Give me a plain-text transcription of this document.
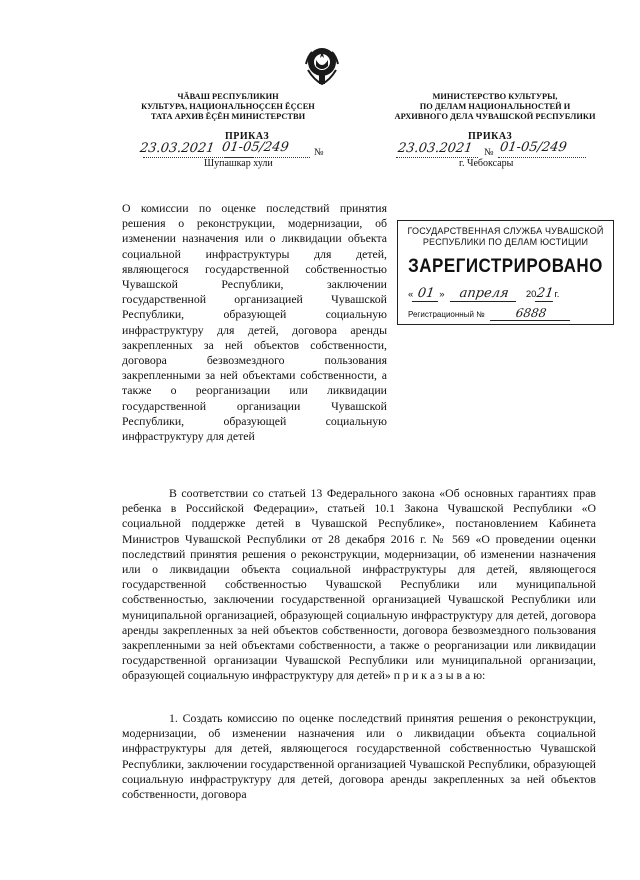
ЧĂВАШ РЕСПУБЛИКИН
КУЛЬТУРА, НАЦИОНАЛЬНОÇСЕН ĔÇСЕН
ТАТА АРХИВ ĔÇĔН МИНИСТЕРСТВИ
МИНИСТЕРСТВО КУЛЬТУРЫ,
ПО ДЕЛАМ НАЦИОНАЛЬНОСТЕЙ И
АРХИВНОГО ДЕЛА ЧУВАШСКОЙ РЕСПУБЛИКИ
ПРИКАЗ
23.03.2021 01-05/249 №
Шупашкар хули
ПРИКАЗ
23.03.2021 № 01-05/249
г. Чебоксары
О комиссии по оценке последствий принятия решения о реконструкции, модернизации, об изменении назначения или о ликвидации объекта социальной инфраструктуры для детей, являющегося государственной собственностью Чувашской Республики, заключении государственной организацией Чувашской Республики, образующей социальную инфраструктуру для детей, договора аренды закрепленных за ней объектов собственности, договора безвозмездного пользования закрепленными за ней объектами собственности, а также о реорганизации или ликвидации государственной организации Чувашской Республики, образующей социальную инфраструктуру для детей
ГОСУДАРСТВЕННАЯ СЛУЖБА ЧУВАШСКОЙ
РЕСПУБЛИКИ ПО ДЕЛАМ ЮСТИЦИИ
ЗАРЕГИСТРИРОВАНО
« 01 » апреля 2021г.
Регистрационный №	6888
В соответствии со статьей 13 Федерального закона «Об основных гарантиях прав ребенка в Российской Федерации», статьей 10.1 Закона Чувашской Республики «О социальной поддержке детей в Чувашской Республике», постановлением Кабинета Министров Чувашской Республики от 28 декабря 2016 г. № 569 «О проведении оценки последствий принятия решения о реконструкции, модернизации, об изменении назначения или о ликвидации объекта социальной инфраструктуры для детей, являющегося государственной собственностью Чувашской Республики или муниципальной собственностью, заключении государственной организацией Чувашской Республики или муниципальной организацией, образующей социальную инфраструктуру для детей, договора аренды закрепленных за ней объектов собственности, договора безвозмездного пользования закрепленными за ней объектами собственности, а также о реорганизации или ликвидации государственной организации Чувашской Республики или муниципальной организации, образующей социальную инфраструктуру для детей» п р и к а з ы в а ю:
1. Создать комиссию по оценке последствий принятия решения о реконструкции, модернизации, об изменении назначения или о ликвидации объекта социальной инфраструктуры для детей, являющегося государственной собственностью Чувашской Республики, заключении государственной организацией Чувашской Республики, образующей социальную инфраструктуру для детей, договора аренды закрепленных за ней объектов собственности, договора
